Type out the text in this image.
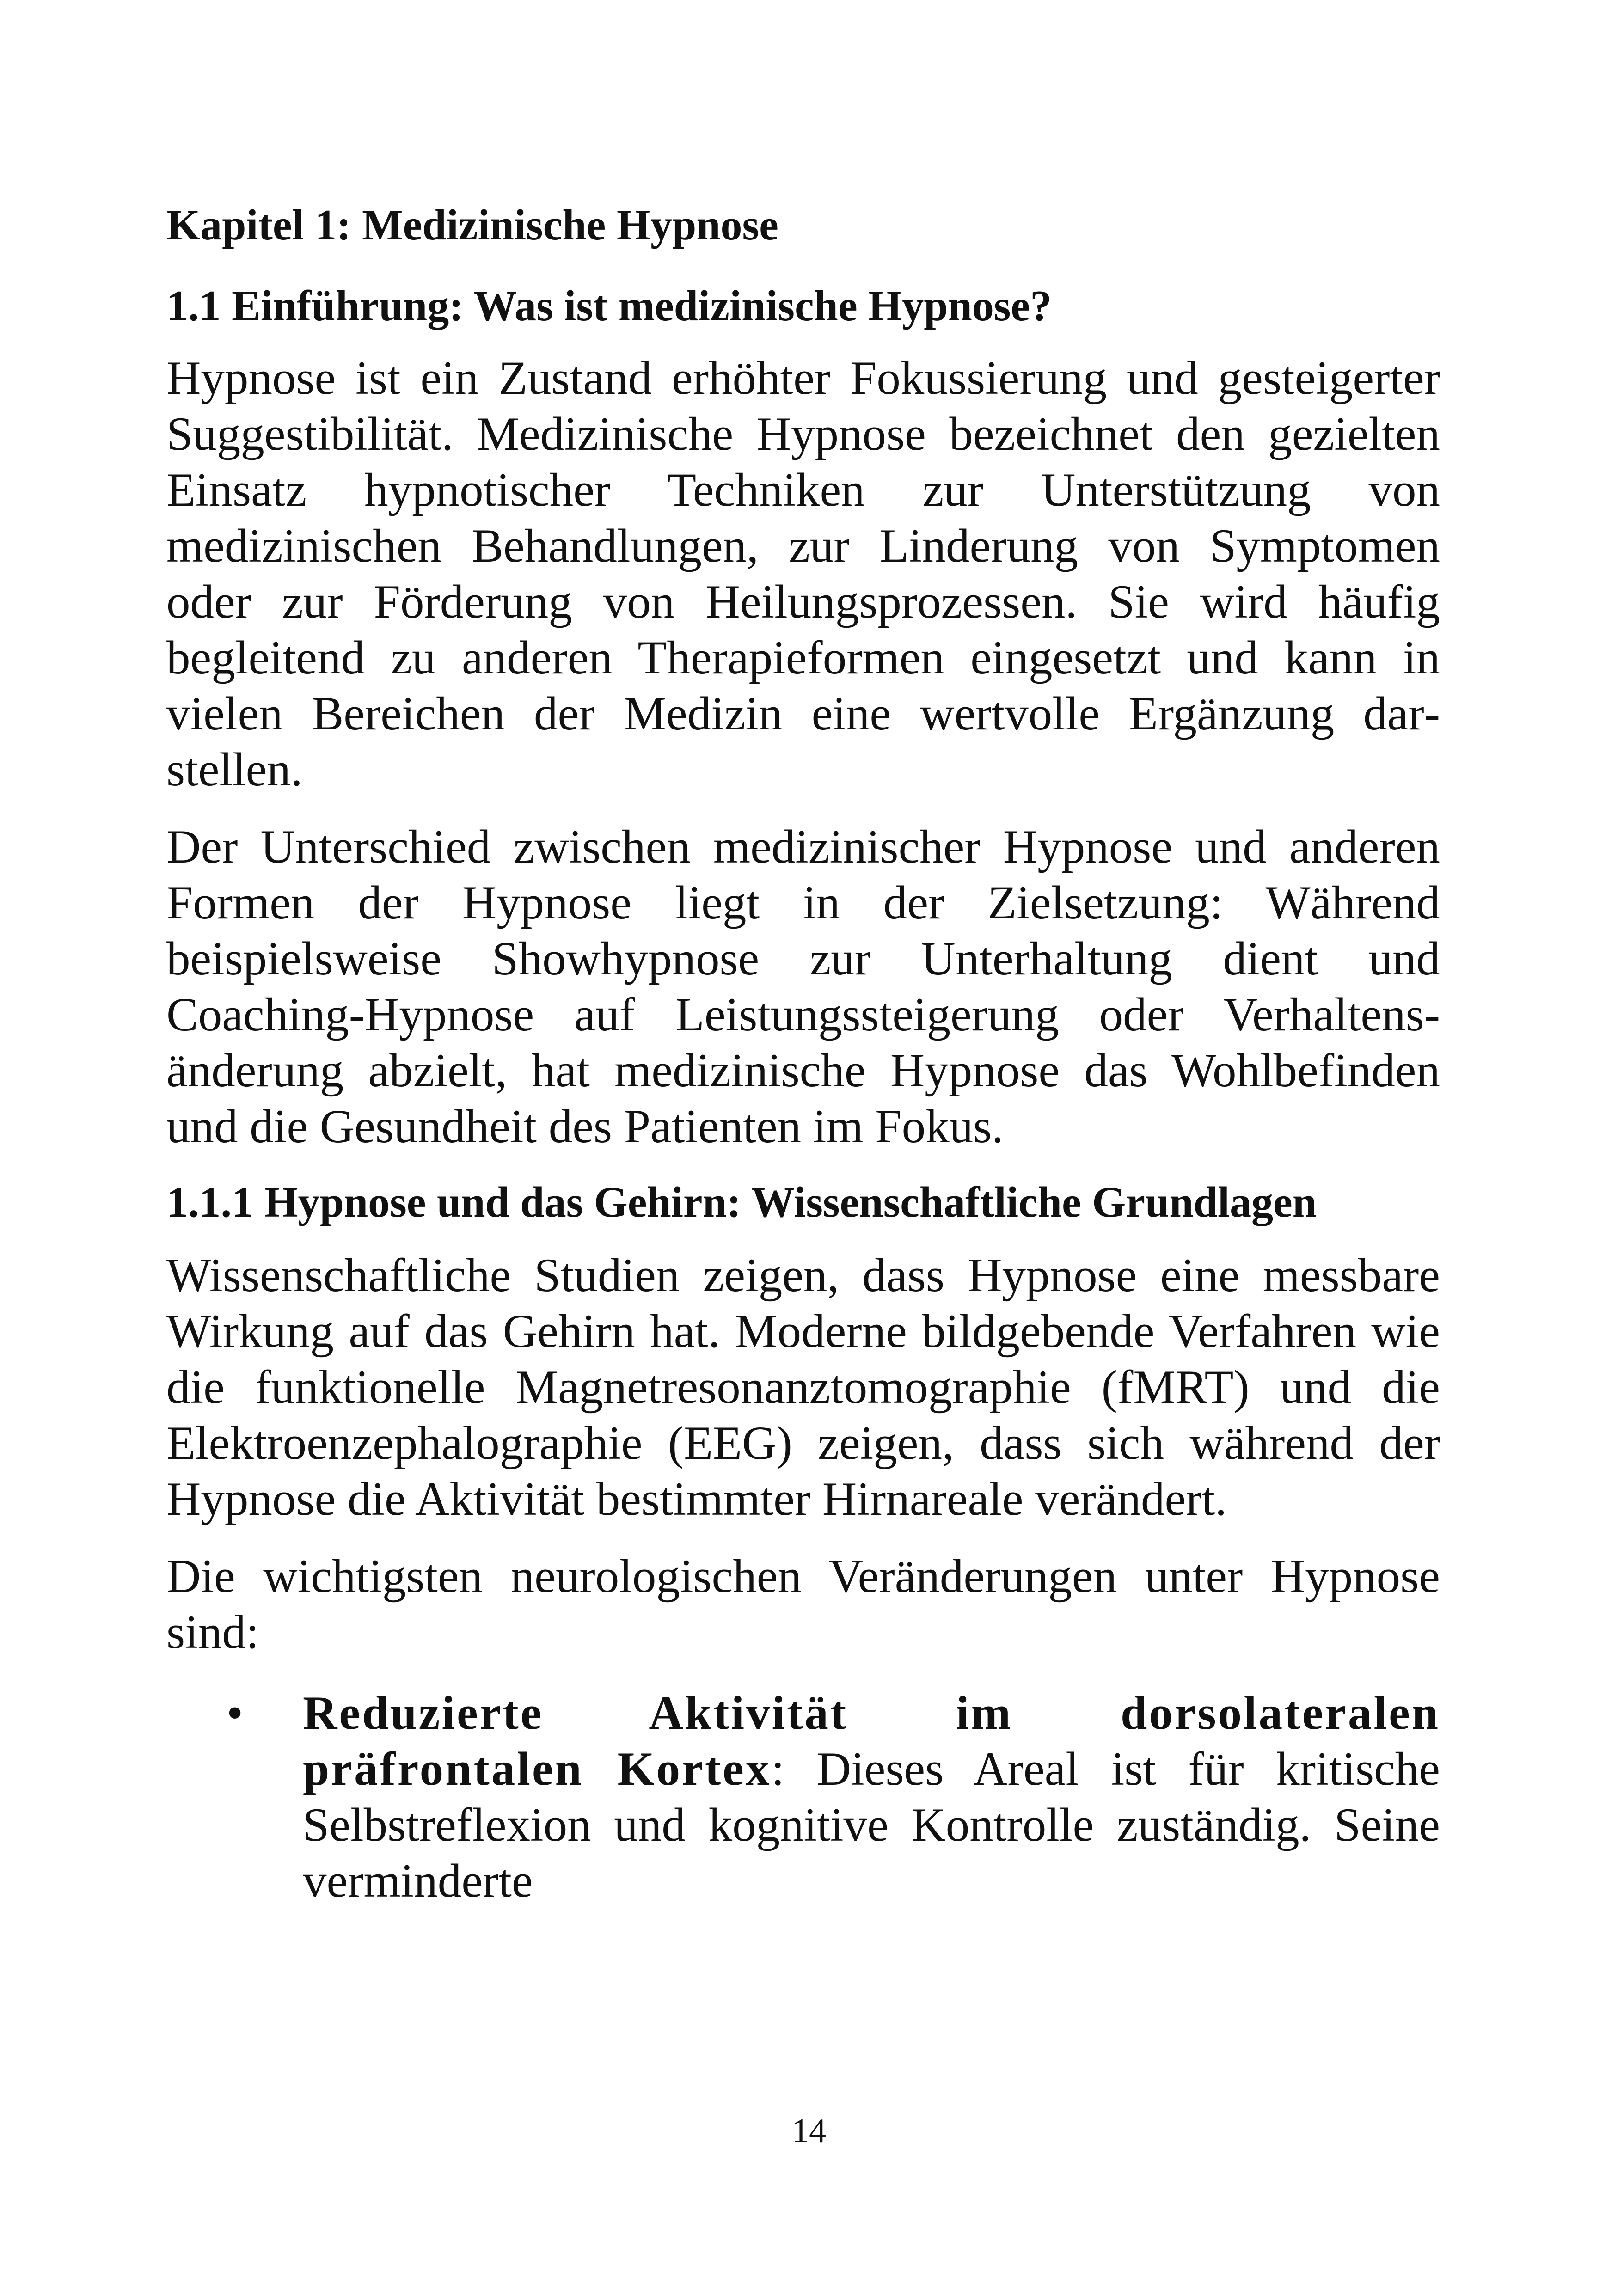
Kapitel 1: Medizinische Hypnose
1.1 Einführung: Was ist medizinische Hypnose?

Hypnose ist ein Zustand erhöhter Fokussierung und gesteigerter Suggestibilität. Medizinische Hypnose bezeichnet den gezielten Einsatz hypnotischer Techniken zur Unterstützung von medizinischen Behandlungen, zur Linderung von Symptomen oder zur Förderung von Heilungsprozessen. Sie wird häufig begleitend zu anderen Therapieformen eingesetzt und kann in vielen Bereichen der Medizin eine wertvolle Ergänzung darstellen.

Der Unterschied zwischen medizinischer Hypnose und anderen Formen der Hypnose liegt in der Zielsetzung: Während beispielsweise Showhypnose zur Unterhaltung dient und Coaching-Hypnose auf Leistungssteigerung oder Verhaltensänderung abzielt, hat medizinische Hypnose das Wohlbefinden und die Gesundheit des Patienten im Fokus.

1.1.1 Hypnose und das Gehirn: Wissenschaftliche Grundlagen

Wissenschaftliche Studien zeigen, dass Hypnose eine messbare Wirkung auf das Gehirn hat. Moderne bildgebende Verfahren wie die funktionelle Magnetresonanztomographie (fMRT) und die Elektroenzephalographie (EEG) zeigen, dass sich während der Hypnose die Aktivität bestimmter Hirnareale verändert.

Die wichtigsten neurologischen Veränderungen unter Hypnose sind:

• Reduzierte Aktivität im dorsolateralen präfrontalen Kortex: Dieses Areal ist für kritische Selbstreflexion und kognitive Kontrolle zuständig. Seine verminderte
14
